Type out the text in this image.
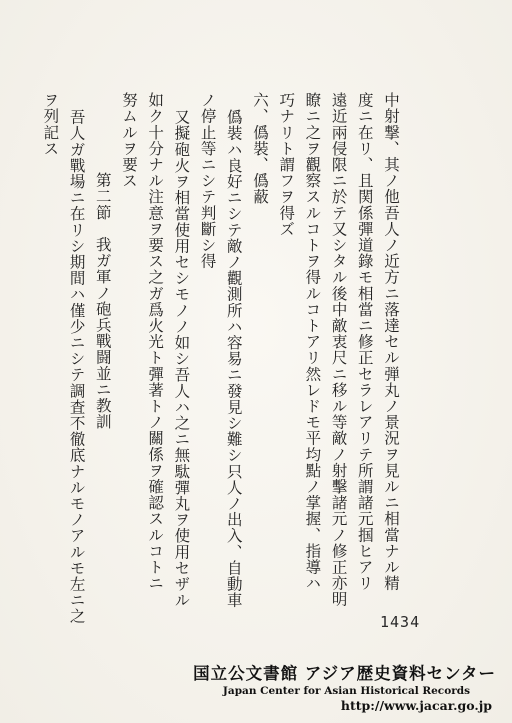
中射撃、其ノ他吾人ノ近方ニ落達セル弾丸ノ景況ヲ見ルニ相當ナル精
度ニ在リ、且関係彈道錄モ相當ニ修正セラレアリテ所謂諸元掴ヒアリ
遠近兩侵限ニ於テ又シタル後中敵衷尺ニ移ル等敵ノ射擊諸元ノ修正亦明
瞭ニ之ヲ觀察スルコトヲ得ルコトアリ然レドモ平均點ノ掌握、指導ハ
巧ナリト謂フヲ得ズ
六、僞裝、僞蔽
僞裝ハ良好ニシテ敵ノ觀測所ハ容易ニ發見シ難シ只人ノ出入、自動車
ノ停止等ニシテ判斷シ得
又擬砲火ヲ相當使用セシモノノ如シ吾人ハ之ニ無駄彈丸ヲ使用セザル
如ク十分ナル注意ヲ要ス之ガ爲火光ト彈著トノ關係ヲ確認スルコトニ
努ムルヲ要ス
第二節　我ガ軍ノ砲兵戰闘並ニ教訓
吾人ガ戰場ニ在リシ期間ハ僅少ニシテ調査不徹底ナルモノアルモ左ニ之
ヲ列記ス
1434
国立公文書館 アジア歴史資料センター
Japan Center for Asian Historical Records
http://www.jacar.go.jp
